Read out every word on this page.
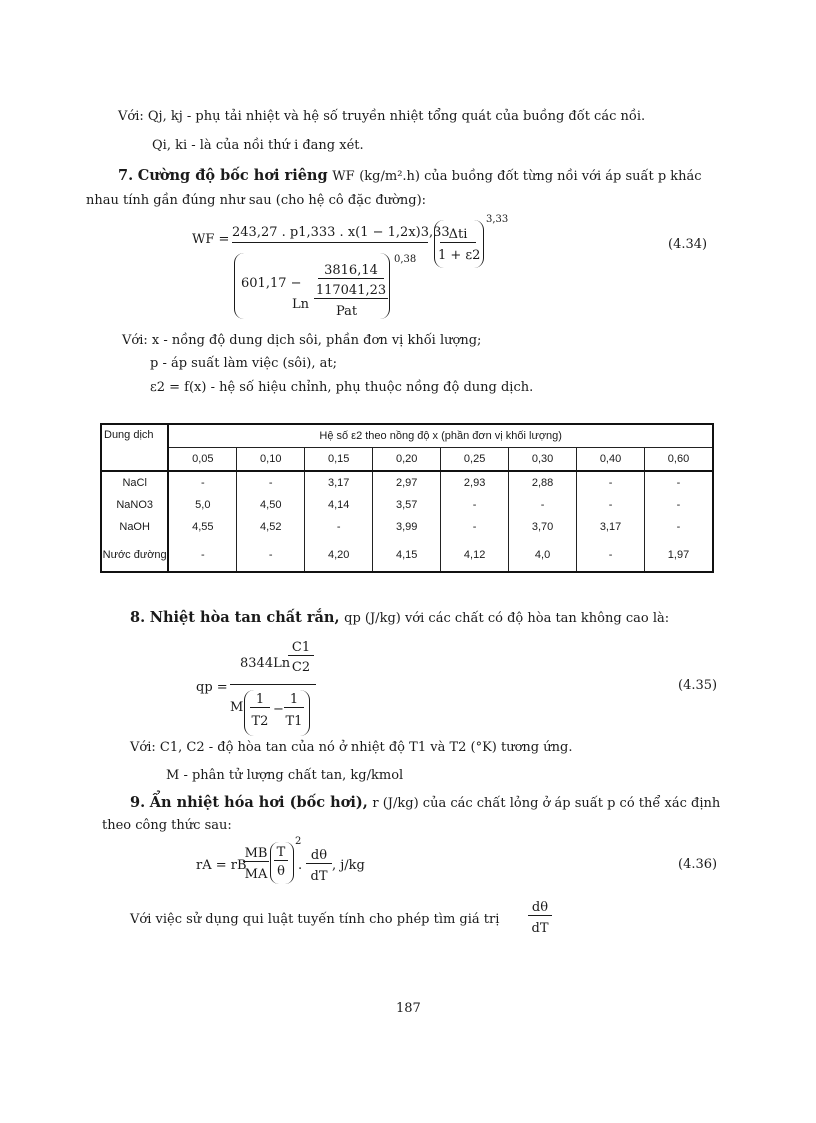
Với: Qj, kj - phụ tải nhiệt và hệ số truyền nhiệt tổng quát của buồng đốt các nồi.
Qi, ki - là của nồi thứ i đang xét.
7. Cường độ bốc hơi riêng WF (kg/m².h) của buồng đốt từng nồi với áp suất p khác
nhau tính gần đúng như sau (cho hệ cô đặc đường):
WF = 243,27 . p1,333 . x(1 − 1,2x)3,33
601,17 −
3816,14
Ln
117041,23
Pat
0,38
Δti
1 + ε2
3,33
(4.34)
Với: x - nồng độ dung dịch sôi, phần đơn vị khối lượng;
p - áp suất làm việc (sôi), at;
ε2 = f(x) - hệ số hiệu chỉnh, phụ thuộc nồng độ dung dịch.
Dung dịch	Hệ số ε2 theo nồng độ x (phần đơn vị khối lượng)							
	0,05	0,10	0,15	0,20	0,25	0,30	0,40	0,60
NaCl	-	-	3,17	2,97	2,93	2,88	-	-
NaNO3	5,0	4,50	4,14	3,57	-	-	-	-
NaOH	4,55	4,52	-	3,99	-	3,70	3,17	-
Nước đường	-	-	4,20	4,15	4,12	4,0	-	1,97
8. Nhiệt hòa tan chất rắn, qp (J/kg) với các chất có độ hòa tan không cao là:
qp =
8344Ln
C1
C2
M
1
T2
−
1
T1
(4.35)
Với: C1, C2 - độ hòa tan của nó ở nhiệt độ T1 và T2 (°K) tương ứng.
M - phân tử lượng chất tan, kg/kmol
9. Ẩn nhiệt hóa hơi (bốc hơi), r (J/kg) của các chất lỏng ở áp suất p có thể xác định
theo công thức sau:
rA = rB
MB
MA
T
θ
2
.
dθ
dT
, j/kg	(4.36)
Với việc sử dụng qui luật tuyến tính cho phép tìm giá trị
dθ
dT
187
